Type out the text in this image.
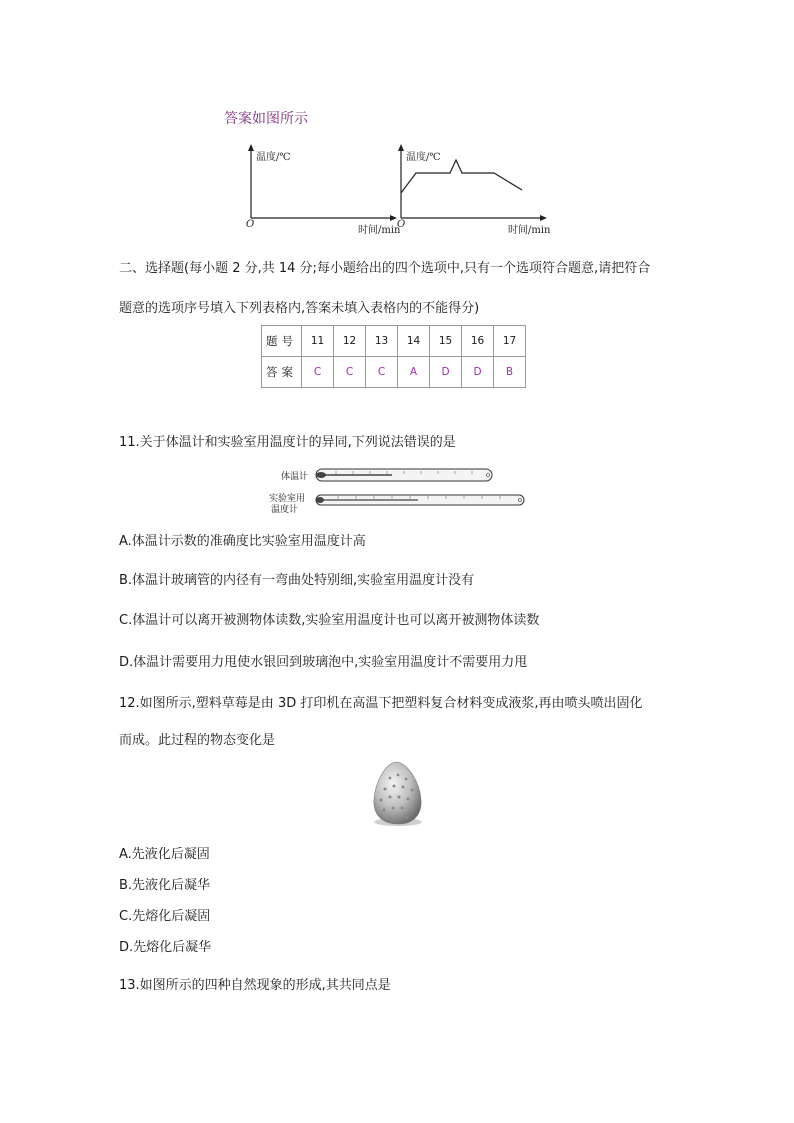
答案如图所示
温度/℃
O
时间/min
温度/℃
O
时间/min
二、选择题(每小题 2 分,共 14 分;每小题给出的四个选项中,只有一个选项符合题意,请把符合
题意的选项序号填入下列表格内,答案未填入表格内的不能得分)
题号	11	12	13	14	15	16	17
答案	C	C	C	A	D	D	B
11.关于体温计和实验室用温度计的异同,下列说法错误的是
体温计
实验室用
温度计
A.体温计示数的准确度比实验室用温度计高
B.体温计玻璃管的内径有一弯曲处特别细,实验室用温度计没有
C.体温计可以离开被测物体读数,实验室用温度计也可以离开被测物体读数
D.体温计需要用力甩使水银回到玻璃泡中,实验室用温度计不需要用力甩
12.如图所示,塑料草莓是由 3D 打印机在高温下把塑料复合材料变成液浆,再由喷头喷出固化
而成。此过程的物态变化是
A.先液化后凝固
B.先液化后凝华
C.先熔化后凝固
D.先熔化后凝华
13.如图所示的四种自然现象的形成,其共同点是
